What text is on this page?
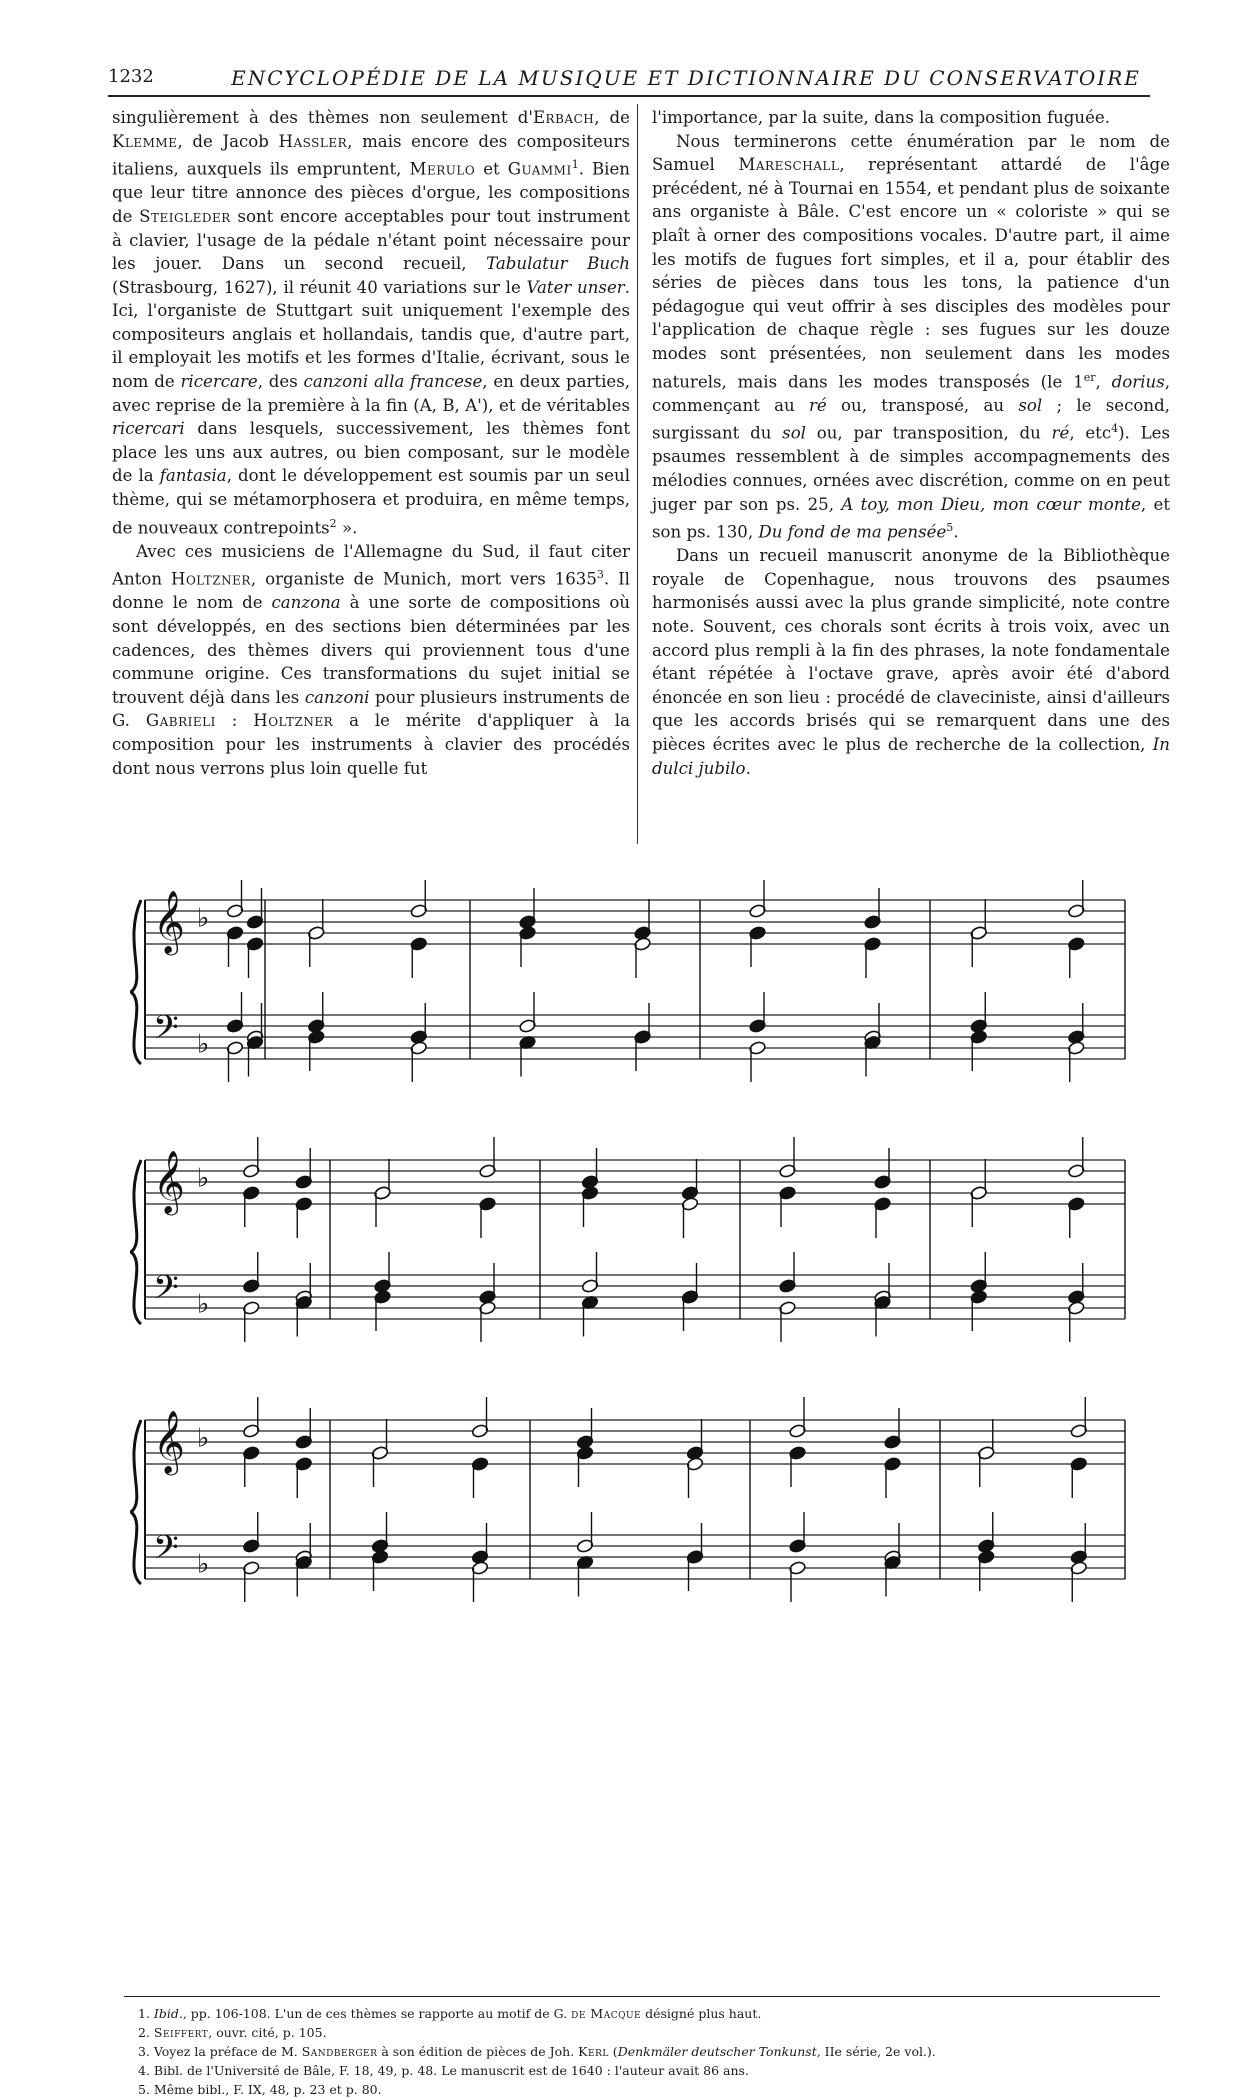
1232	ENCYCLOPÉDIE DE LA MUSIQUE ET DICTIONNAIRE DU CONSERVATOIRE

singulièrement à des thèmes non seulement d'Erbach, de Klemme, de Jacob Hassler, mais encore des compositeurs italiens, auxquels ils empruntent, Merulo et Guammi$^1$. Bien que leur titre annonce des pièces d'orgue, les compositions de Steigleder sont encore acceptables pour tout instrument à clavier, l'usage de la pédale n'étant point nécessaire pour les jouer. Dans un second recueil, Tabulatur Buch (Strasbourg, 1627), il réunit 40 variations sur le Vater unser. Ici, l'organiste de Stuttgart suit uniquement l'exemple des compositeurs anglais et hollandais, tandis que, d'autre part, il employait les motifs et les formes d'Italie, écrivant, sous le nom de ricercare, des canzoni alla francese, en deux parties, avec reprise de la première à la fin (A, B, A'), et de véritables ricercari dans lesquels, successivement, les thèmes font place les uns aux autres, ou bien composant, sur le modèle de la fantasia, dont le développement est soumis par un seul thème, qui se métamorphosera et produira, en même temps, de nouveaux contrepoints$^2$ ».

Avec ces musiciens de l'Allemagne du Sud, il faut citer Anton Holtzner, organiste de Munich, mort vers 1635$^3$. Il donne le nom de canzona à une sorte de compositions où sont développés, en des sections bien déterminées par les cadences, des thèmes divers qui proviennent tous d'une commune origine. Ces transformations du sujet initial se trouvent déjà dans les canzoni pour plusieurs instruments de G. Gabrieli : Holtzner a le mérite d'appliquer à la composition pour les instruments à clavier des procédés dont nous verrons plus loin quelle fut

l'importance, par la suite, dans la composition fuguée.

Nous terminerons cette énumération par le nom de Samuel Mareschall, représentant attardé de l'âge précédent, né à Tournai en 1554, et pendant plus de soixante ans organiste à Bâle. C'est encore un « coloriste » qui se plaît à orner des compositions vocales. D'autre part, il aime les motifs de fugues fort simples, et il a, pour établir des séries de pièces dans tous les tons, la patience d'un pédagogue qui veut offrir à ses disciples des modèles pour l'application de chaque règle : ses fugues sur les douze modes sont présentées, non seulement dans les modes naturels, mais dans les modes transposés (le 1er, dorius, commençant au ré ou, transposé, au sol ; le second, surgissant du sol ou, par transposition, du ré, etc$^4$). Les psaumes ressemblent à de simples accompagnements des mélodies connues, ornées avec discrétion, comme on en peut juger par son ps. 25, A toy, mon Dieu, mon cœur monte, et son ps. 130, Du fond de ma pensée$^5$.

Dans un recueil manuscrit anonyme de la Bibliothèque royale de Copenhague, nous trouvons des psaumes harmonisés aussi avec la plus grande simplicité, note contre note. Souvent, ces chorals sont écrits à trois voix, avec un accord plus rempli à la fin des phrases, la note fondamentale étant répétée à l'octave grave, après avoir été d'abord énoncée en son lieu : procédé de claveciniste, ainsi d'ailleurs que les accords brisés qui se remarquent dans une des pièces écrites avec le plus de recherche de la collection, In dulci jubilo.

𝄞 ♭
𝄢 ♭
𝄞 ♭
𝄢 ♭
𝄞 ♭
𝄢 ♭
1. Ibid., pp. 106-108. L'un de ces thèmes se rapporte au motif de G. de Macque désigné plus haut.
2. Seiffert, ouvr. cité, p. 105.
3. Voyez la préface de M. Sandberger à son édition de pièces de Joh. Kerl (Denkmäler deutscher Tonkunst, IIe série, 2e vol.).
4. Bibl. de l'Université de Bâle, F. 18, 49, p. 48. Le manuscrit est de 1640 : l'auteur avait 86 ans.
5. Même bibl., F. IX, 48, p. 23 et p. 80.
